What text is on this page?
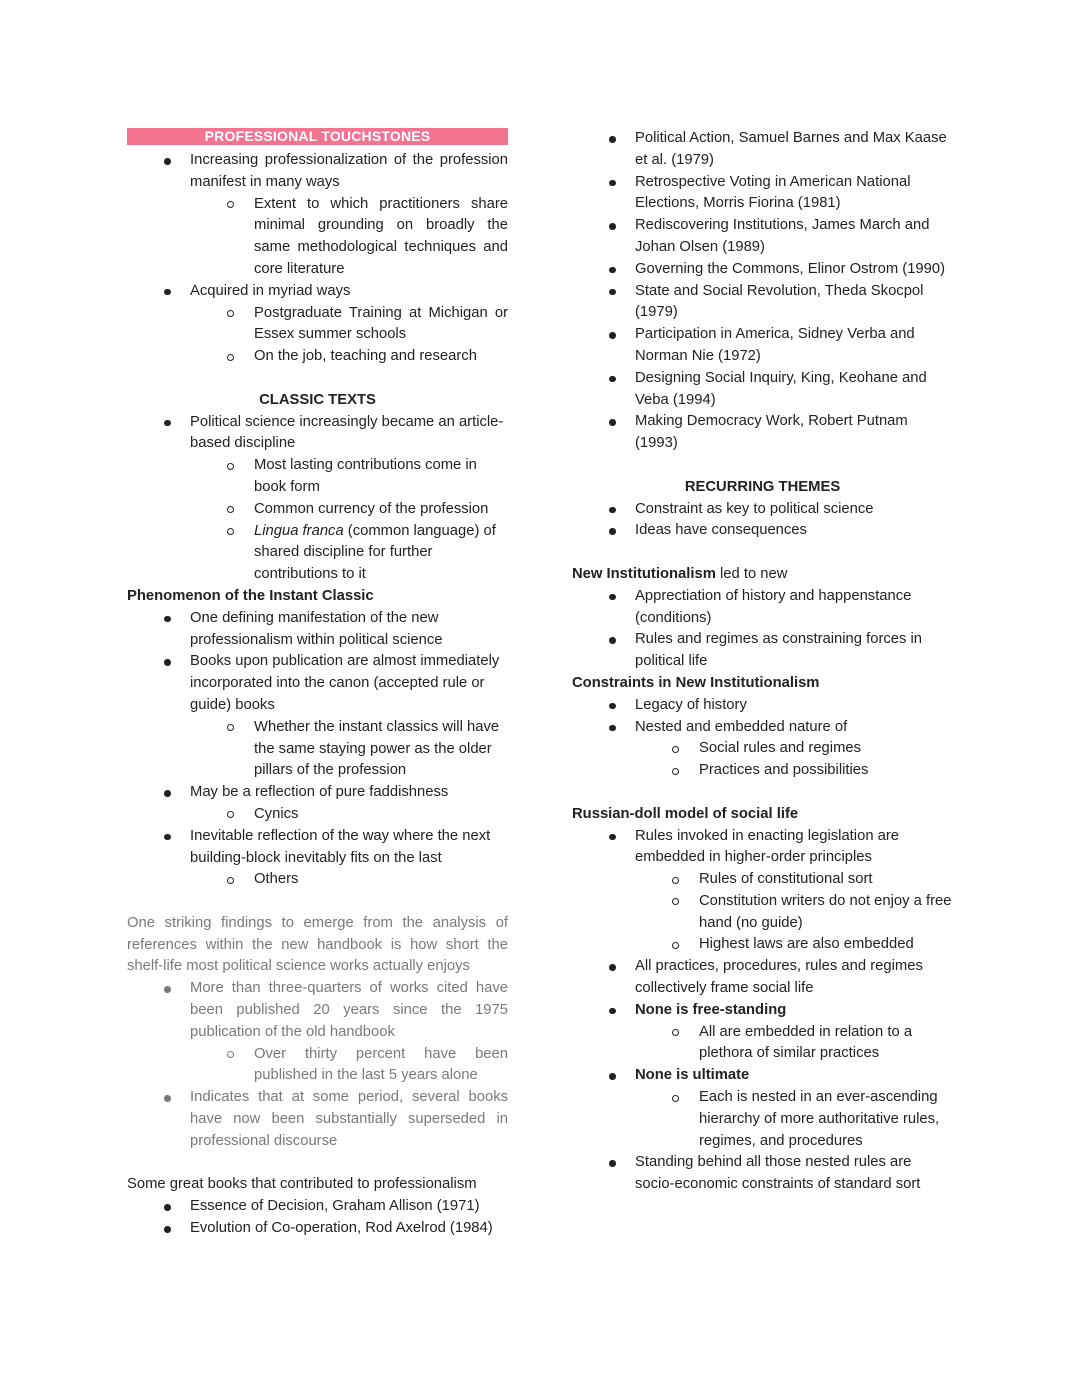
PROFESSIONAL TOUCHSTONES
Increasing professionalization of the profession manifest in many ways
Extent to which practitioners share minimal grounding on broadly the same methodological techniques and core literature
Acquired in myriad ways
Postgraduate Training at Michigan or Essex summer schools
On the job, teaching and research
CLASSIC TEXTS
Political science increasingly became an article-based discipline
Most lasting contributions come in book form
Common currency of the profession
Lingua franca (common language) of shared discipline for further contributions to it
Phenomenon of the Instant Classic
One defining manifestation of the new professionalism within political science
Books upon publication are almost immediately incorporated into the canon (accepted rule or guide) books
Whether the instant classics will have the same staying power as the older pillars of the profession
May be a reflection of pure faddishness
Cynics
Inevitable reflection of the way where the next building-block inevitably fits on the last
Others
One striking findings to emerge from the analysis of references within the new handbook is how short the shelf-life most political science works actually enjoys
More than three-quarters of works cited have been published 20 years since the 1975 publication of the old handbook
Over thirty percent have been published in the last 5 years alone
Indicates that at some period, several books have now been substantially superseded in professional discourse
Some great books that contributed to professionalism
Essence of Decision, Graham Allison (1971)
Evolution of Co-operation, Rod Axelrod (1984)
Political Action, Samuel Barnes and Max Kaase et al. (1979)
Retrospective Voting in American National Elections, Morris Fiorina (1981)
Rediscovering Institutions, James March and Johan Olsen (1989)
Governing the Commons, Elinor Ostrom (1990)
State and Social Revolution, Theda Skocpol (1979)
Participation in America, Sidney Verba and Norman Nie (1972)
Designing Social Inquiry, King, Keohane and Veba (1994)
Making Democracy Work, Robert Putnam (1993)
RECURRING THEMES
Constraint as key to political science
Ideas have consequences
New Institutionalism led to new
Apprectiation of history and happenstance (conditions)
Rules and regimes as constraining forces in political life
Constraints in New Institutionalism
Legacy of history
Nested and embedded nature of
Social rules and regimes
Practices and possibilities
Russian-doll model of social life
Rules invoked in enacting legislation are embedded in higher-order principles
Rules of constitutional sort
Constitution writers do not enjoy a free hand (no guide)
Highest laws are also embedded
All practices, procedures, rules and regimes collectively frame social life
None is free-standing
All are embedded in relation to a plethora of similar practices
None is ultimate
Each is nested in an ever-ascending hierarchy of more authoritative rules, regimes, and procedures
Standing behind all those nested rules are socio-economic constraints of standard sort
